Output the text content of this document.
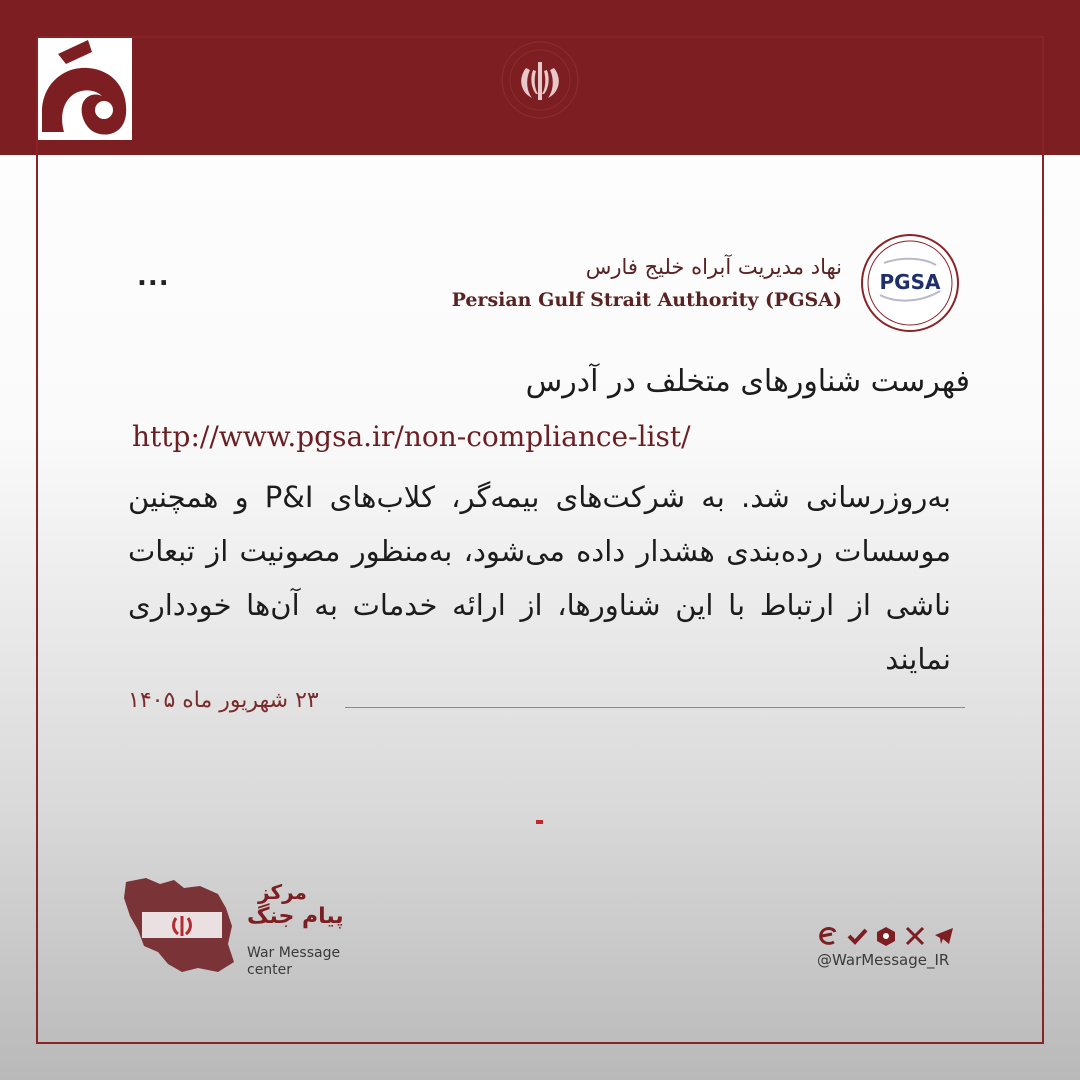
...	PGSA
نهاد مدیریت آبراه خلیج فارس
Persian Gulf Strait Authority (PGSA)
فهرست شناورهای متخلف در آدرس
http://www.pgsa.ir/non-compliance-list/
به‌روزرسانی شد. به شرکت‌های بیمه‌گر، کلاب‌های P&I و همچنین موسسات رده‌بندی هشدار داده می‌شود، به‌منظور مصونیت از تبعات ناشی از ارتباط با این شناورها، از ارائه خدمات به آن‌ها خودداری نمایند
۲۳ شهریور ماه ۱۴۰۵
مرکز
پیام جنگ
War Message
center
@WarMessage_IR
